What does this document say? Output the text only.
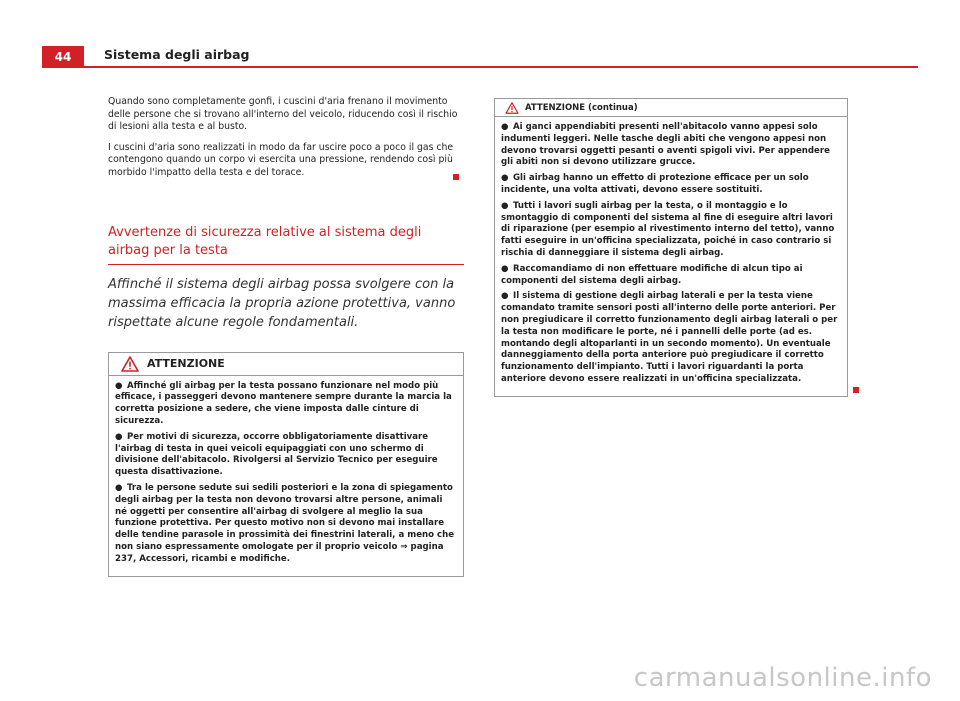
44	Sistema degli airbag

Quando sono completamente gonfi, i cuscini d'aria frenano il movimento delle persone che si trovano all'interno del veicolo, riducendo così il rischio di lesioni alla testa e al busto.

I cuscini d'aria sono realizzati in modo da far uscire poco a poco il gas che contengono quando un corpo vi esercita una pressione, rendendo così più morbido l'impatto della testa e del torace.

Avvertenze di sicurezza relative al sistema degli airbag per la testa

Affinché il sistema degli airbag possa svolgere con la massima efficacia la propria azione protettiva, vanno rispettate alcune regole fondamentali.

ATTENZIONE

● Affinché gli airbag per la testa possano funzionare nel modo più efficace, i passeggeri devono mantenere sempre durante la marcia la corretta posizione a sedere, che viene imposta dalle cinture di sicurezza.

● Per motivi di sicurezza, occorre obbligatoriamente disattivare l'airbag di testa in quei veicoli equipaggiati con uno schermo di divisione dell'abitacolo. Rivolgersi al Servizio Tecnico per eseguire questa disattivazione.

● Tra le persone sedute sui sedili posteriori e la zona di spiegamento degli airbag per la testa non devono trovarsi altre persone, animali né oggetti per consentire all'airbag di svolgere al meglio la sua funzione protettiva. Per questo motivo non si devono mai installare delle tendine parasole in prossimità dei finestrini laterali, a meno che non siano espressamente omologate per il proprio veicolo ⇒ pagina 237, Accessori, ricambi e modifiche.

ATTENZIONE (continua)

● Ai ganci appendiabiti presenti nell'abitacolo vanno appesi solo indumenti leggeri. Nelle tasche degli abiti che vengono appesi non devono trovarsi oggetti pesanti o aventi spigoli vivi. Per appendere gli abiti non si devono utilizzare grucce.

● Gli airbag hanno un effetto di protezione efficace per un solo incidente, una volta attivati, devono essere sostituiti.

● Tutti i lavori sugli airbag per la testa, o il montaggio e lo smontaggio di componenti del sistema al fine di eseguire altri lavori di riparazione (per esempio al rivestimento interno del tetto), vanno fatti eseguire in un'officina specializzata, poiché in caso contrario si rischia di danneggiare il sistema degli airbag.

● Raccomandiamo di non effettuare modifiche di alcun tipo ai componenti del sistema degli airbag.

● Il sistema di gestione degli airbag laterali e per la testa viene comandato tramite sensori posti all'interno delle porte anteriori. Per non pregiudicare il corretto funzionamento degli airbag laterali o per la testa non modificare le porte, né i pannelli delle porte (ad es. montando degli altoparlanti in un secondo momento). Un eventuale danneggiamento della porta anteriore può pregiudicare il corretto funzionamento dell'impianto. Tutti i lavori riguardanti la porta anteriore devono essere realizzati in un'officina specializzata.

carmanualsonline.info
